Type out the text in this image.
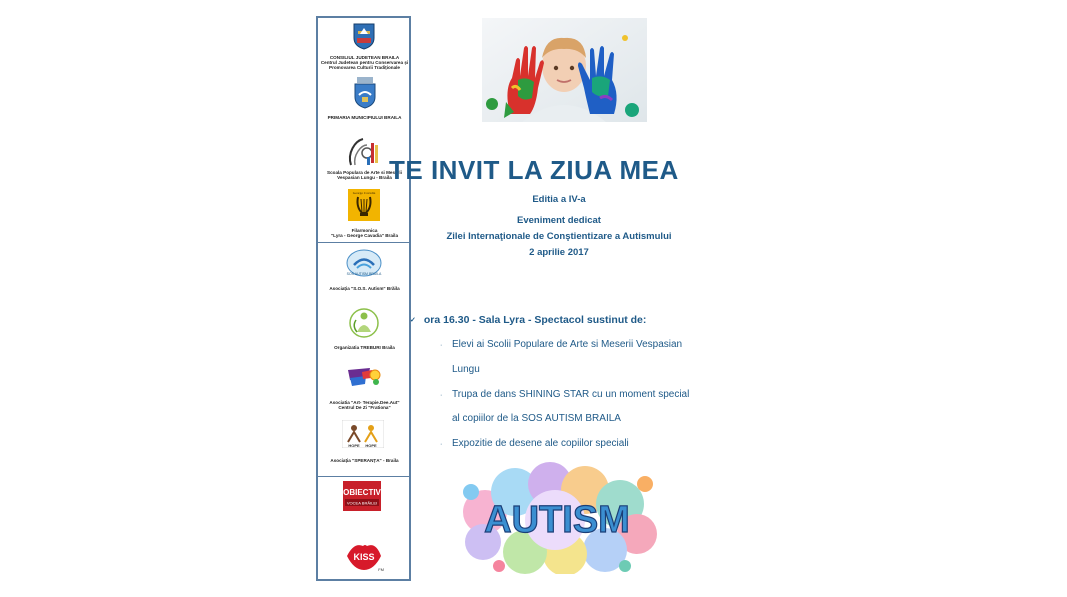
CONSILIUL JUDETEAN BRAILA
Centrul Judetean pentru Conservarea și
Promovarea Culturii Tradiționale
PRIMARIA MUNICIPIULUI BRAILA
Scoala Populara de Arte si Meserii
Vespasian Lungu - Braila
George Cavadia
Filarmonica
"Lyra - George Cavadia" Braila
SOS AUTISM BRAILA
Asociația "S.O.S. Autism" Brăila
Organizatia TREBURI Braila
Asociatia "Art- Terapie.Dee.Aut"
Centrul De Zi "Frationa"
HOPE HOPE
Asociația "SPERANȚA" - Braila
OBIECTIV
VOCEA BRĂILEI
KISS
FM
TE INVIT LA ZIUA MEA
Editia a IV-a
Eveniment dedicat
Zilei Internaţionale de Conştientizare a Autismului
2 aprilie 2017
✓ ora 16.30 - Sala Lyra - Spectacol sustinut de:
· Elevi ai Scolii Populare de Arte si Meserii Vespasian
Lungu
· Trupa de dans SHINING STAR cu un moment special
al copiilor de la SOS AUTISM BRAILA
· Expozitie de desene ale copiilor speciali
AUTISM
